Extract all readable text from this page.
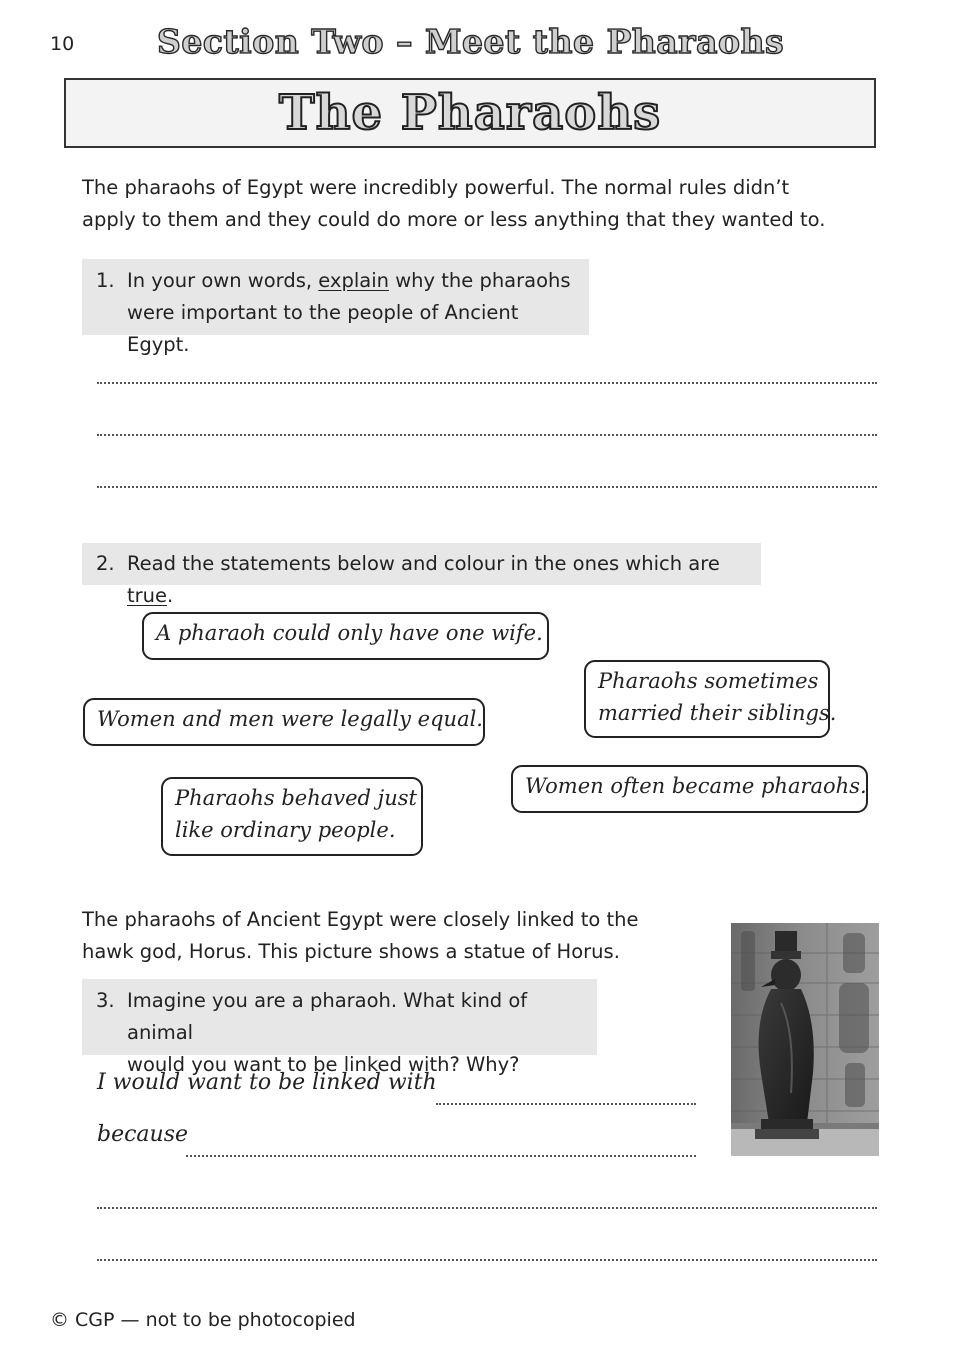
10	Section Two – Meet the Pharaohs
The Pharaohs
The pharaohs of Egypt were incredibly powerful. The normal rules didn’t
apply to them and they could do more or less anything that they wanted to.
1. In your own words, explain why the pharaohs
were important to the people of Ancient Egypt.
2. Read the statements below and colour in the ones which are true.
A pharaoh could only have one wife.
Women and men were legally equal.
Pharaohs sometimes
married their siblings.
Pharaohs behaved just
like ordinary people.
Women often became pharaohs.
The pharaohs of Ancient Egypt were closely linked to the
hawk god, Horus. This picture shows a statue of Horus.
3. Imagine you are a pharaoh. What kind of animal
would you want to be linked with? Why?
I would want to be linked with
because
© CGP — not to be photocopied
